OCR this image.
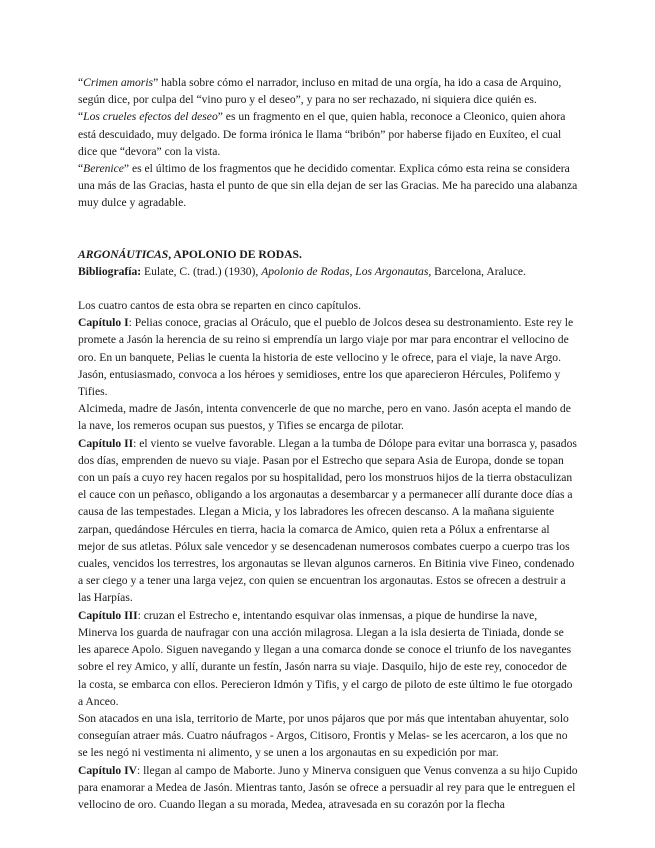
“Crimen amoris” habla sobre cómo el narrador, incluso en mitad de una orgía, ha ido a casa de Arquino, según dice, por culpa del “vino puro y el deseo”, y para no ser rechazado, ni siquiera dice quién es.

“Los crueles efectos del deseo” es un fragmento en el que, quien habla, reconoce a Cleonico, quien ahora está descuidado, muy delgado. De forma irónica le llama “bribón” por haberse fijado en Euxíteo, el cual dice que “devora” con la vista.

“Berenice” es el último de los fragmentos que he decidido comentar. Explica cómo esta reina se considera una más de las Gracias, hasta el punto de que sin ella dejan de ser las Gracias. Me ha parecido una alabanza muy dulce y agradable.

ARGONÁUTICAS, APOLONIO DE RODAS.

Bibliografía: Eulate, C. (trad.) (1930), Apolonio de Rodas, Los Argonautas, Barcelona, Araluce.

Los cuatro cantos de esta obra se reparten en cinco capítulos.

Capítulo I: Pelias conoce, gracias al Oráculo, que el pueblo de Jolcos desea su destronamiento. Este rey le promete a Jasón la herencia de su reino si emprendía un largo viaje por mar para encontrar el vellocino de oro. En un banquete, Pelias le cuenta la historia de este vellocino y le ofrece, para el viaje, la nave Argo. Jasón, entusiasmado, convoca a los héroes y semidioses, entre los que aparecieron Hércules, Polifemo y Tifies.

Alcimeda, madre de Jasón, intenta convencerle de que no marche, pero en vano. Jasón acepta el mando de la nave, los remeros ocupan sus puestos, y Tifies se encarga de pilotar.

Capítulo II: el viento se vuelve favorable. Llegan a la tumba de Dólope para evitar una borrasca y, pasados dos días, emprenden de nuevo su viaje. Pasan por el Estrecho que separa Asia de Europa, donde se topan con un país a cuyo rey hacen regalos por su hospitalidad, pero los monstruos hijos de la tierra obstaculizan el cauce con un peñasco, obligando a los argonautas a desembarcar y a permanecer allí durante doce días a causa de las tempestades. Llegan a Micia, y los labradores les ofrecen descanso. A la mañana siguiente zarpan, quedándose Hércules en tierra, hacia la comarca de Amico, quien reta a Pólux a enfrentarse al mejor de sus atletas. Pólux sale vencedor y se desencadenan numerosos combates cuerpo a cuerpo tras los cuales, vencidos los terrestres, los argonautas se llevan algunos carneros. En Bitinia vive Fineo, condenado a ser ciego y a tener una larga vejez, con quien se encuentran los argonautas. Estos se ofrecen a destruir a las Harpías.

Capítulo III: cruzan el Estrecho e, intentando esquivar olas inmensas, a pique de hundirse la nave, Minerva los guarda de naufragar con una acción milagrosa. Llegan a la isla desierta de Tiniada, donde se les aparece Apolo. Siguen navegando y llegan a una comarca donde se conoce el triunfo de los navegantes sobre el rey Amico, y allí, durante un festín, Jasón narra su viaje. Dasquilo, hijo de este rey, conocedor de la costa, se embarca con ellos. Perecieron Idmón y Tifis, y el cargo de piloto de este último le fue otorgado a Anceo.

Son atacados en una isla, territorio de Marte, por unos pájaros que por más que intentaban ahuyentar, solo conseguían atraer más. Cuatro náufragos - Argos, Citisoro, Frontis y Melas- se les acercaron, a los que no se les negó ni vestimenta ni alimento, y se unen a los argonautas en su expedición por mar.

Capítulo IV: llegan al campo de Maborte. Juno y Minerva consiguen que Venus convenza a su hijo Cupido para enamorar a Medea de Jasón. Mientras tanto, Jasón se ofrece a persuadir al rey para que le entreguen el vellocino de oro. Cuando llegan a su morada, Medea, atravesada en su corazón por la flecha
